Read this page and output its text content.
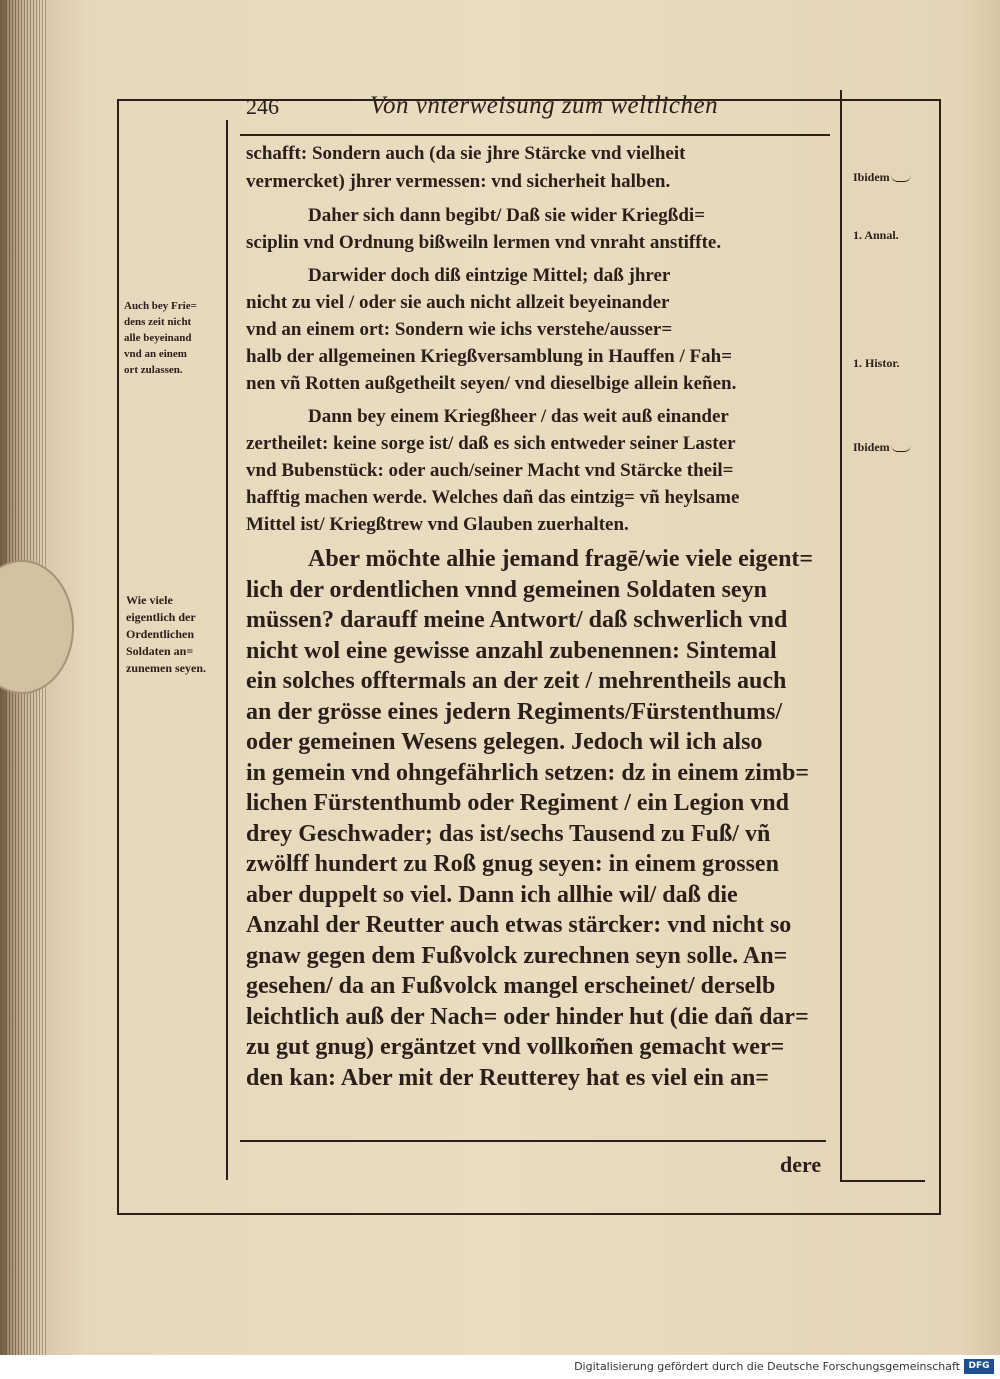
246	Von vnterweisung zum weltlichen
schafft: Sondern auch (da sie jhre Stärcke vnd vielheit
vermercket) jhrer vermessen: vnd sicherheit halben.
Daher sich dann begibt/ Daß sie wider Kriegßdi=
sciplin vnd Ordnung bißweiln lermen vnd vnraht anstiffte.
Darwider doch diß eintzige Mittel; daß jhrer
nicht zu viel / oder sie auch nicht allzeit beyeinander
vnd an einem ort: Sondern wie ichs verstehe/ausser=
halb der allgemeinen Kriegßversamblung in Hauffen / Fah=
nen vñ Rotten außgetheilt seyen/ vnd dieselbige allein keñen.
Dann bey einem Kriegßheer / das weit auß einander
zertheilet: keine sorge ist/ daß es sich entweder seiner Laster
vnd Bubenstück: oder auch/seiner Macht vnd Stärcke theil=
hafftig machen werde. Welches dañ das eintzig= vñ heylsame
Mittel ist/ Kriegßtrew vnd Glauben zuerhalten.
Aber möchte alhie jemand fragē/wie viele eigent=
lich der ordentlichen vnnd gemeinen Soldaten seyn
müssen? darauff meine Antwort/ daß schwerlich vnd
nicht wol eine gewisse anzahl zubenennen: Sintemal
ein solches offtermals an der zeit / mehrentheils auch
an der grösse eines jedern Regiments/Fürstenthums/
oder gemeinen Wesens gelegen. Jedoch wil ich also
in gemein vnd ohngefährlich setzen: dz in einem zimb=
lichen Fürstenthumb oder Regiment / ein Legion vnd
drey Geschwader; das ist/sechs Tausend zu Fuß/ vñ
zwölff hundert zu Roß gnug seyen: in einem grossen
aber duppelt so viel. Dann ich allhie wil/ daß die
Anzahl der Reutter auch etwas stärcker: vnd nicht so
gnaw gegen dem Fußvolck zurechnen seyn solle. An=
gesehen/ da an Fußvolck mangel erscheinet/ derselb
leichtlich auß der Nach= oder hinder hut (die dañ dar=
zu gut gnug) ergäntzet vnd vollkom̃en gemacht wer=
den kan: Aber mit der Reutterey hat es viel ein an=
dere
Auch bey Frie=
dens zeit nicht
alle beyeinand
vnd an einem
ort zulassen.
Wie viele
eigentlich der
Ordentlichen
Soldaten an=
zunemen seyen.
Ibidem
1. Annal.
1. Histor.
Ibidem
Digitalisierung gefördert durch die Deutsche Forschungsgemeinschaft DFG
